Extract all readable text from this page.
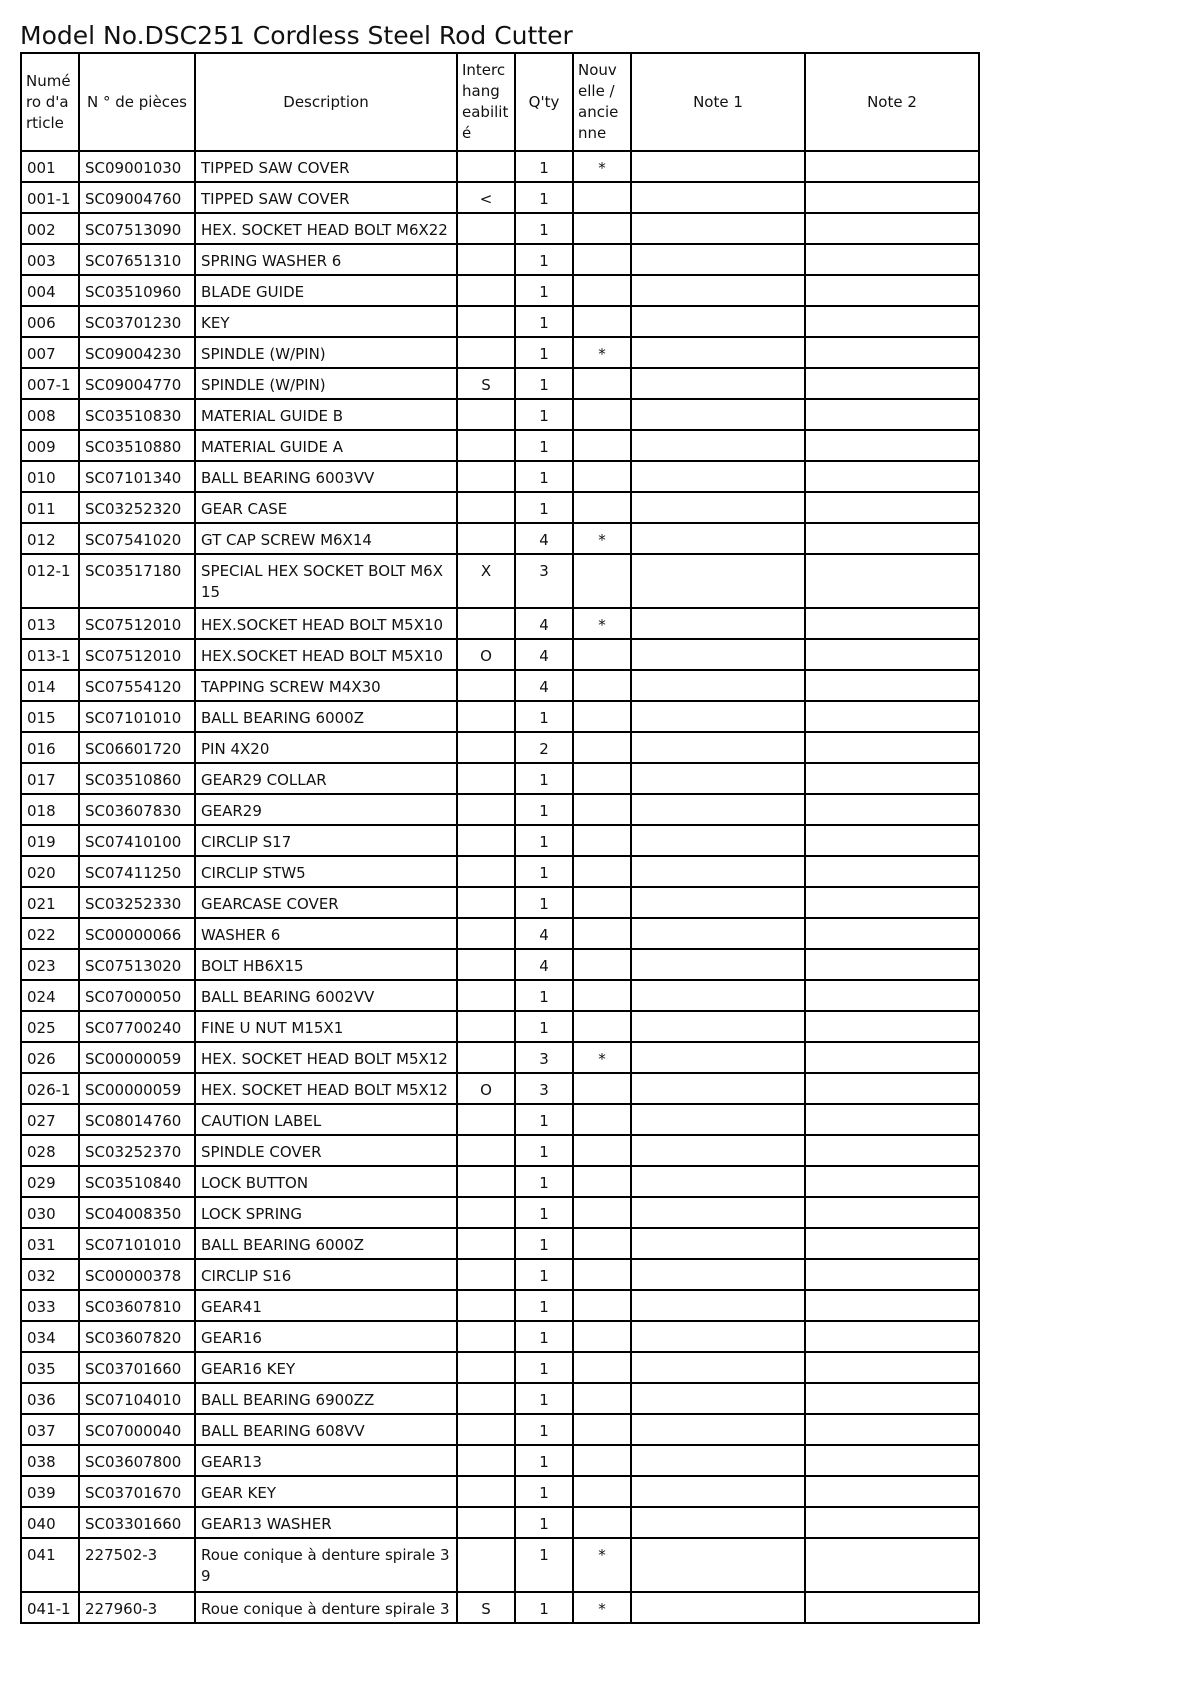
Model No.DSC251 Cordless Steel Rod Cutter
Numé ro d'a rticle	N ° de pièces	Description	Interc hang eabilit é	Q'ty	Nouv elle / ancie nne	Note 1	Note 2
001	SC09001030	TIPPED SAW COVER		1	*		
001-1	SC09004760	TIPPED SAW COVER	<	1			
002	SC07513090	HEX. SOCKET HEAD BOLT M6X22		1			
003	SC07651310	SPRING WASHER 6		1			
004	SC03510960	BLADE GUIDE		1			
006	SC03701230	KEY		1			
007	SC09004230	SPINDLE (W/PIN)		1	*		
007-1	SC09004770	SPINDLE (W/PIN)	S	1			
008	SC03510830	MATERIAL GUIDE B		1			
009	SC03510880	MATERIAL GUIDE A		1			
010	SC07101340	BALL BEARING 6003VV		1			
011	SC03252320	GEAR CASE		1			
012	SC07541020	GT CAP SCREW M6X14		4	*		
012-1	SC03517180	SPECIAL HEX SOCKET BOLT M6X 15	X	3			
013	SC07512010	HEX.SOCKET HEAD BOLT M5X10		4	*		
013-1	SC07512010	HEX.SOCKET HEAD BOLT M5X10	O	4			
014	SC07554120	TAPPING SCREW M4X30		4			
015	SC07101010	BALL BEARING 6000Z		1			
016	SC06601720	PIN 4X20		2			
017	SC03510860	GEAR29 COLLAR		1			
018	SC03607830	GEAR29		1			
019	SC07410100	CIRCLIP S17		1			
020	SC07411250	CIRCLIP STW5		1			
021	SC03252330	GEARCASE COVER		1			
022	SC00000066	WASHER 6		4			
023	SC07513020	BOLT HB6X15		4			
024	SC07000050	BALL BEARING 6002VV		1			
025	SC07700240	FINE U NUT M15X1		1			
026	SC00000059	HEX. SOCKET HEAD BOLT M5X12		3	*		
026-1	SC00000059	HEX. SOCKET HEAD BOLT M5X12	O	3			
027	SC08014760	CAUTION LABEL		1			
028	SC03252370	SPINDLE COVER		1			
029	SC03510840	LOCK BUTTON		1			
030	SC04008350	LOCK SPRING		1			
031	SC07101010	BALL BEARING 6000Z		1			
032	SC00000378	CIRCLIP S16		1			
033	SC03607810	GEAR41		1			
034	SC03607820	GEAR16		1			
035	SC03701660	GEAR16 KEY		1			
036	SC07104010	BALL BEARING 6900ZZ		1			
037	SC07000040	BALL BEARING 608VV		1			
038	SC03607800	GEAR13		1			
039	SC03701670	GEAR KEY		1			
040	SC03301660	GEAR13 WASHER		1			
041	227502-3	Roue conique à denture spirale 3 9		1	*		
041-1	227960-3	Roue conique à denture spirale 3	S	1	*		
